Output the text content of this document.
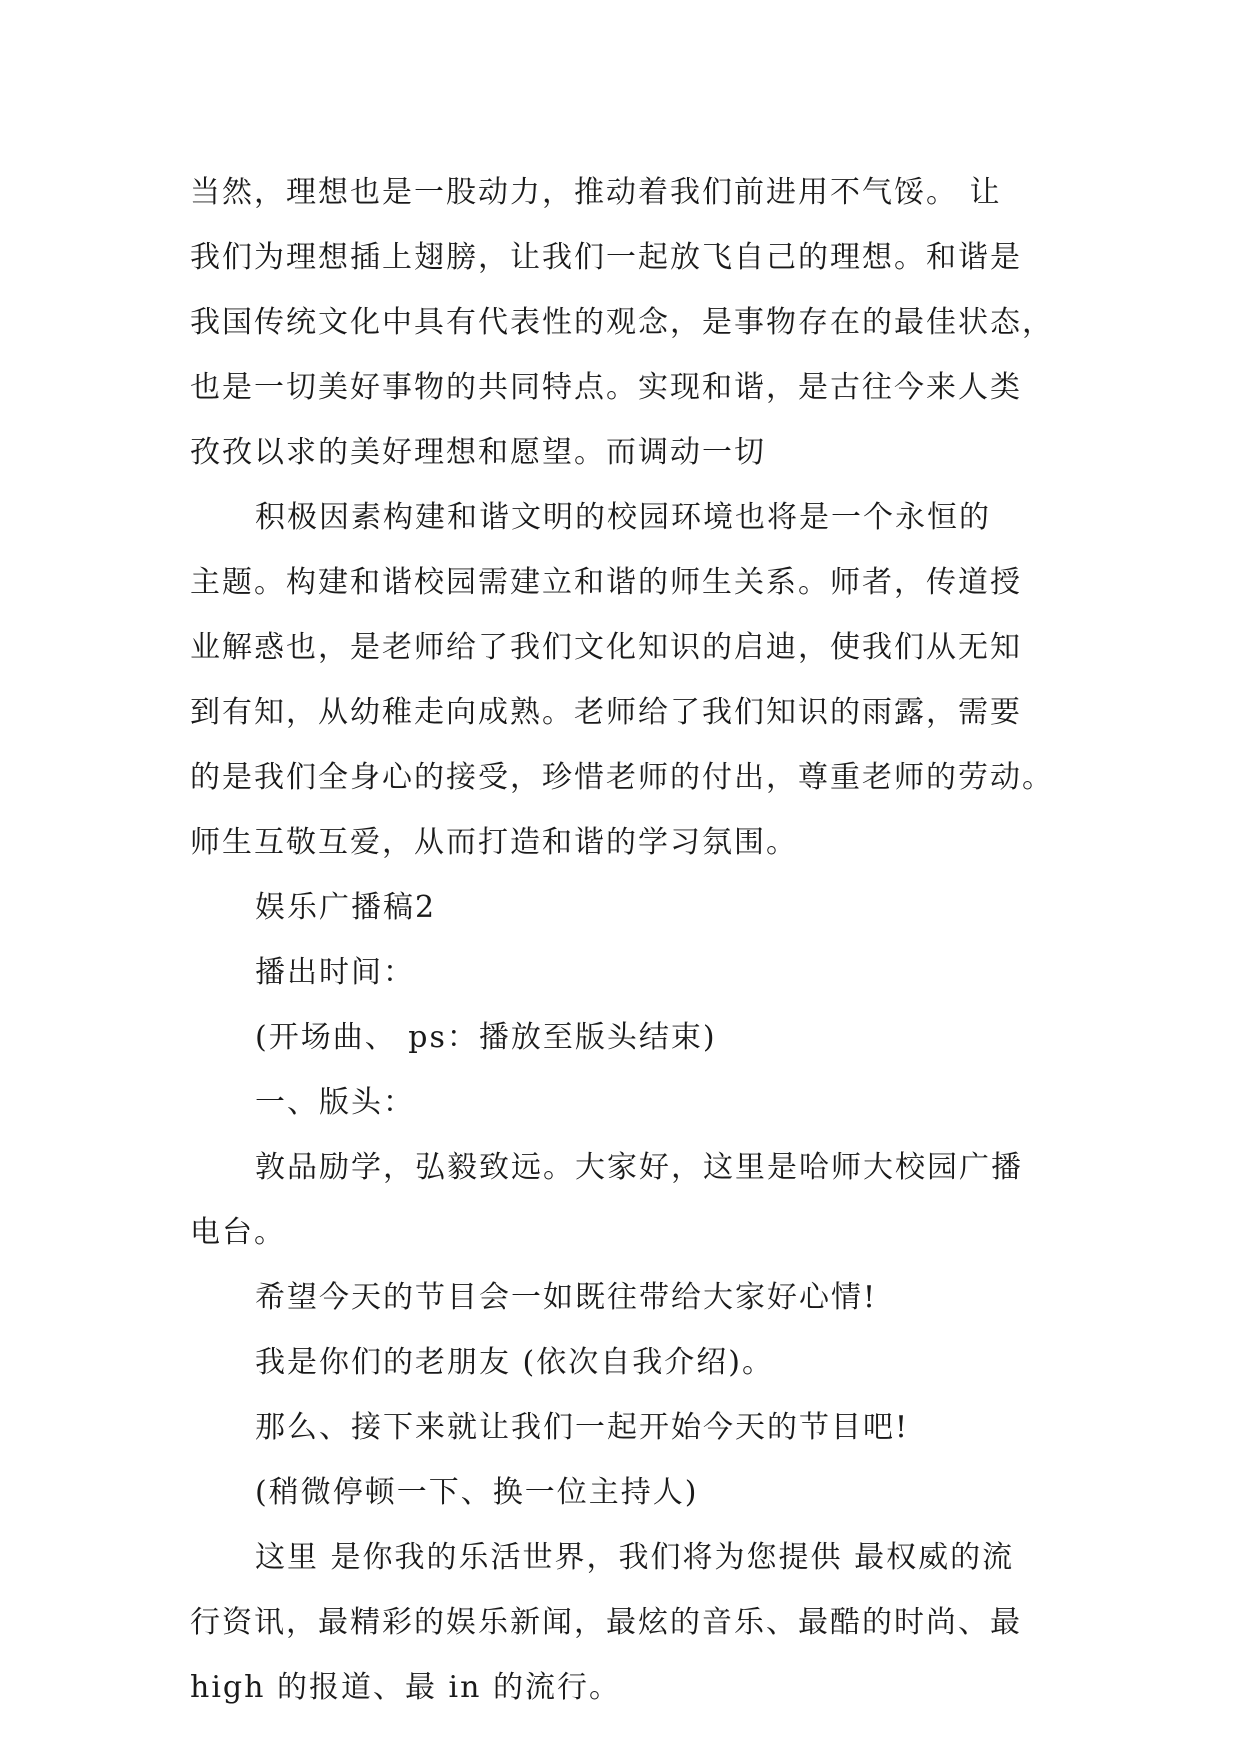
当然，理想也是一股动力，推动着我们前进用不气馁。 让
我们为理想插上翅膀，让我们一起放飞自己的理想。和谐是
我国传统文化中具有代表性的观念，是事物存在的最佳状态，
也是一切美好事物的共同特点。实现和谐，是古往今来人类
孜孜以求的美好理想和愿望。而调动一切
积极因素构建和谐文明的校园环境也将是一个永恒的
主题。构建和谐校园需建立和谐的师生关系。师者，传道授
业解惑也，是老师给了我们文化知识的启迪，使我们从无知
到有知，从幼稚走向成熟。老师给了我们知识的雨露，需要
的是我们全身心的接受，珍惜老师的付出，尊重老师的劳动。
师生互敬互爱，从而打造和谐的学习氛围。
娱乐广播稿2
播出时间：
(开场曲、 ps：播放至版头结束)
一、版头：
敦品励学，弘毅致远。大家好，这里是哈师大校园广播
电台。
希望今天的节目会一如既往带给大家好心情!
我是你们的老朋友 (依次自我介绍)。
那么、接下来就让我们一起开始今天的节目吧!
(稍微停顿一下、换一位主持人)
这里 是你我的乐活世界，我们将为您提供 最权威的流
行资讯，最精彩的娱乐新闻，最炫的音乐、最酷的时尚、最
high 的报道、最 in 的流行。
